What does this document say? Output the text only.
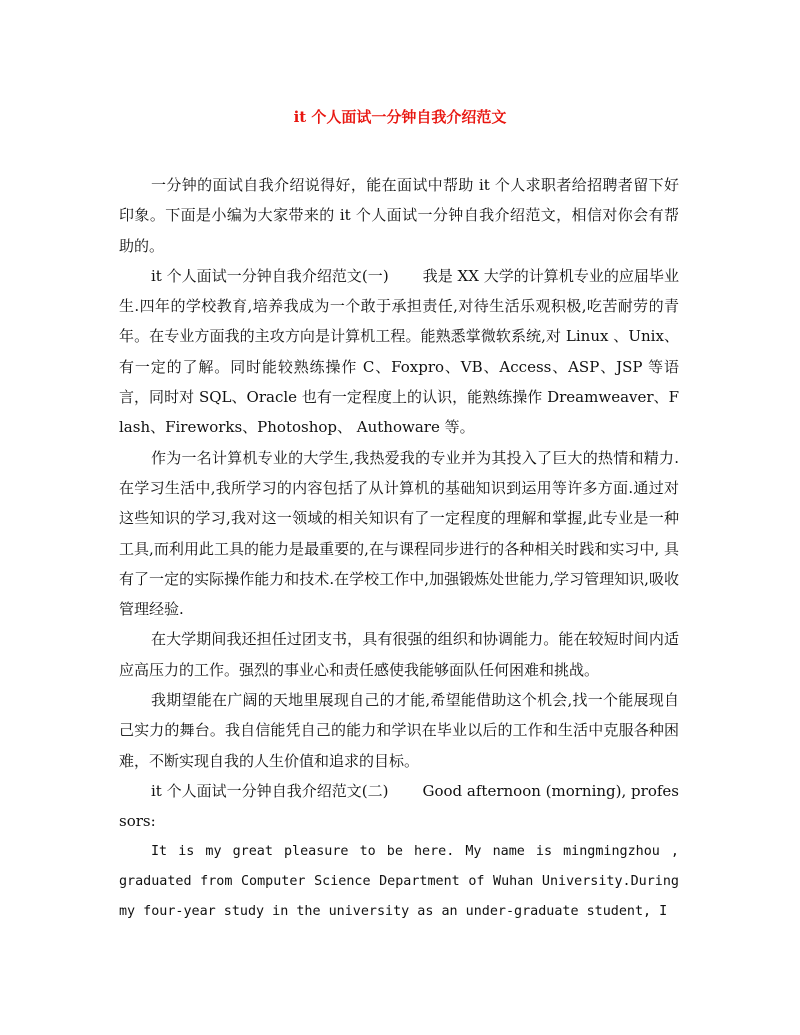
it 个人面试一分钟自我介绍范文

一分钟的面试自我介绍说得好，能在面试中帮助 it 个人求职者给招聘者留下好印象。下面是小编为大家带来的 it 个人面试一分钟自我介绍范文，相信对你会有帮助的。

it 个人面试一分钟自我介绍范文(一) 我是 XX 大学的计算机专业的应届毕业生.四年的学校教育,培养我成为一个敢于承担责任,对待生活乐观积极,吃苦耐劳的青年。在专业方面我的主攻方向是计算机工程。能熟悉掌微软系统,对 Linux 、Unix、有一定的了解。同时能较熟练操作 C、Foxpro、VB、Access、ASP、JSP 等语言，同时对 SQL、Oracle 也有一定程度上的认识，能熟练操作 Dreamweaver、Flash、Fireworks、Photoshop、 Authoware 等。

作为一名计算机专业的大学生,我热爱我的专业并为其投入了巨大的热情和精力. 在学习生活中,我所学习的内容包括了从计算机的基础知识到运用等许多方面.通过对这些知识的学习,我对这一领域的相关知识有了一定程度的理解和掌握,此专业是一种工具,而利用此工具的能力是最重要的,在与课程同步进行的各种相关时践和实习中, 具有了一定的实际操作能力和技术.在学校工作中,加强锻炼处世能力,学习管理知识,吸收管理经验.

在大学期间我还担任过团支书，具有很强的组织和协调能力。能在较短时间内适应高压力的工作。强烈的事业心和责任感使我能够面队任何困难和挑战。

我期望能在广阔的天地里展现自己的才能,希望能借助这个机会,找一个能展现自己实力的舞台。我自信能凭自己的能力和学识在毕业以后的工作和生活中克服各种困难，不断实现自我的人生价值和追求的目标。

it 个人面试一分钟自我介绍范文(二) Good afternoon (morning), professors:

It is my great pleasure to be here. My name is mingmingzhou , graduated from Computer Science Department of Wuhan University.During my four-year study in the university as an under-graduate student, I
